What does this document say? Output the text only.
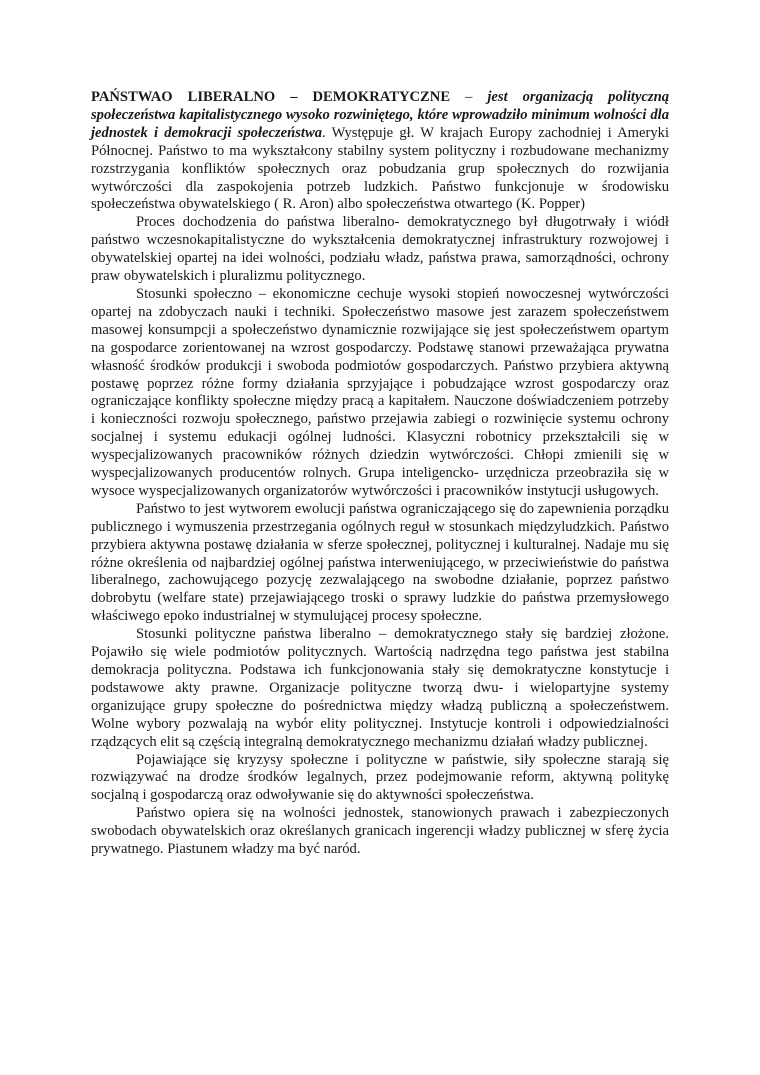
PAŃSTWAO LIBERALNO – DEMOKRATYCZNE – jest organizacją polityczną społeczeństwa kapitalistycznego wysoko rozwiniętego, które wprowadziło minimum wolności dla jednostek i demokracji społeczeństwa. Występuje gł. W krajach Europy zachodniej i Ameryki Północnej. Państwo to ma wykształcony stabilny system polityczny i rozbudowane mechanizmy rozstrzygania konfliktów społecznych oraz pobudzania grup społecznych do rozwijania wytwórczości dla zaspokojenia potrzeb ludzkich. Państwo funkcjonuje w środowisku społeczeństwa obywatelskiego ( R. Aron) albo społeczeństwa otwartego (K. Popper)

Proces dochodzenia do państwa liberalno- demokratycznego był długotrwały i wiódł państwo wczesnokapitalistyczne do wykształcenia demokratycznej infrastruktury rozwojowej i obywatelskiej opartej na idei wolności, podziału władz, państwa prawa, samorządności, ochrony praw obywatelskich i pluralizmu politycznego.

Stosunki społeczno – ekonomiczne cechuje wysoki stopień nowoczesnej wytwórczości opartej na zdobyczach nauki i techniki. Społeczeństwo masowe jest zarazem społeczeństwem masowej konsumpcji a społeczeństwo dynamicznie rozwijające się jest społeczeństwem opartym na gospodarce zorientowanej na wzrost gospodarczy. Podstawę stanowi przeważająca prywatna własność środków produkcji i swoboda podmiotów gospodarczych. Państwo przybiera aktywną postawę poprzez różne formy działania sprzyjające i pobudzające wzrost gospodarczy oraz ograniczające konflikty społeczne między pracą a kapitałem. Nauczone doświadczeniem potrzeby i konieczności rozwoju społecznego, państwo przejawia zabiegi o rozwinięcie systemu ochrony socjalnej i systemu edukacji ogólnej ludności. Klasyczni robotnicy przekształcili się w wyspecjalizowanych pracowników różnych dziedzin wytwórczości. Chłopi zmienili się w wyspecjalizowanych producentów rolnych. Grupa inteligencko- urzędnicza przeobraziła się w wysoce wyspecjalizowanych organizatorów wytwórczości i pracowników instytucji usługowych.

Państwo to jest wytworem ewolucji państwa ograniczającego się do zapewnienia porządku publicznego i wymuszenia przestrzegania ogólnych reguł w stosunkach międzyludzkich. Państwo przybiera aktywna postawę działania w sferze społecznej, politycznej i kulturalnej. Nadaje mu się różne określenia od najbardziej ogólnej państwa interweniującego, w przeciwieństwie do państwa liberalnego, zachowującego pozycję zezwalającego na swobodne działanie, poprzez państwo dobrobytu (welfare state) przejawiającego troski o sprawy ludzkie do państwa przemysłowego właściwego epoko industrialnej w stymulującej procesy społeczne.

Stosunki polityczne państwa liberalno – demokratycznego stały się bardziej złożone. Pojawiło się wiele podmiotów politycznych. Wartością nadrzędna tego państwa jest stabilna demokracja polityczna. Podstawa ich funkcjonowania stały się demokratyczne konstytucje i podstawowe akty prawne. Organizacje polityczne tworzą dwu- i wielopartyjne systemy organizujące grupy społeczne do pośrednictwa między władzą publiczną a społeczeństwem. Wolne wybory pozwalają na wybór elity politycznej. Instytucje kontroli i odpowiedzialności rządzących elit są częścią integralną demokratycznego mechanizmu działań władzy publicznej.

Pojawiające się kryzysy społeczne i polityczne w państwie, siły społeczne starają się rozwiązywać na drodze środków legalnych, przez podejmowanie reform, aktywną politykę socjalną i gospodarczą oraz odwoływanie się do aktywności społeczeństwa.

Państwo opiera się na wolności jednostek, stanowionych prawach i zabezpieczonych swobodach obywatelskich oraz określanych granicach ingerencji władzy publicznej w sferę życia prywatnego. Piastunem władzy ma być naród.
